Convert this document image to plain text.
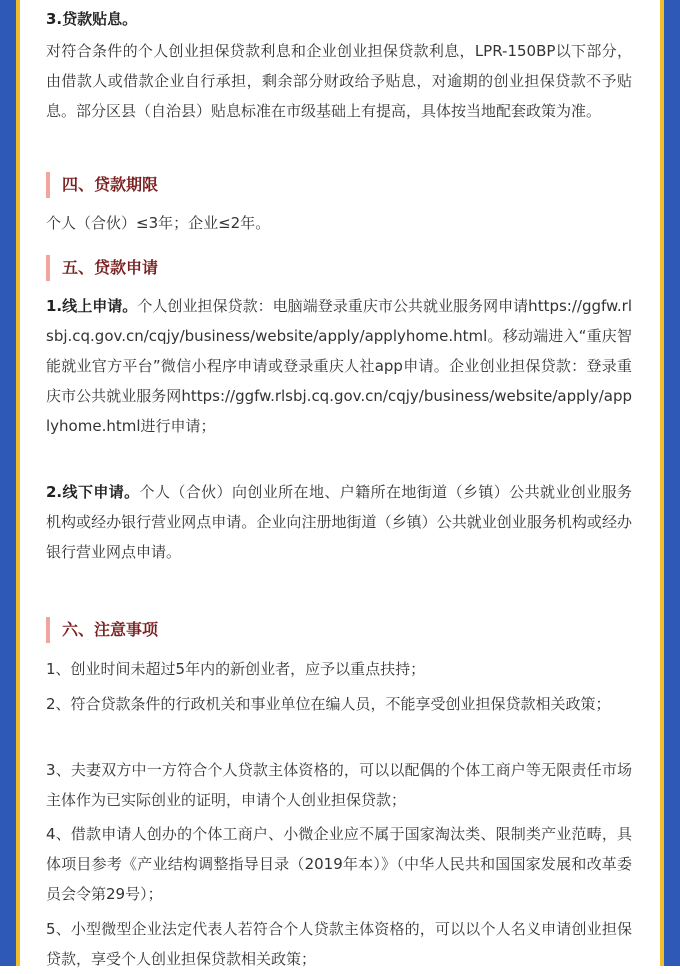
3.贷款贴息。

对符合条件的个人创业担保贷款利息和企业创业担保贷款利息，LPR-150BP以下部分，由借款人或借款企业自行承担，剩余部分财政给予贴息，对逾期的创业担保贷款不予贴息。部分区县（自治县）贴息标准在市级基础上有提高，具体按当地配套政策为准。

四、贷款期限

个人（合伙）≤3年；企业≤2年。

五、贷款申请

1.线上申请。个人创业担保贷款：电脑端登录重庆市公共就业服务网申请https://ggfw.rlsbj.cq.gov.cn/cqjy/business/website/apply/applyhome.html。移动端进入“重庆智能就业官方平台”微信小程序申请或登录重庆人社app申请。企业创业担保贷款：登录重庆市公共就业服务网https://ggfw.rlsbj.cq.gov.cn/cqjy/business/website/apply/applyhome.html进行申请；

2.线下申请。个人（合伙）向创业所在地、户籍所在地街道（乡镇）公共就业创业服务机构或经办银行营业网点申请。企业向注册地街道（乡镇）公共就业创业服务机构或经办银行营业网点申请。

六、注意事项

1、创业时间未超过5年内的新创业者，应予以重点扶持；

2、符合贷款条件的行政机关和事业单位在编人员，不能享受创业担保贷款相关政策；

3、夫妻双方中一方符合个人贷款主体资格的，可以以配偶的个体工商户等无限责任市场主体作为已实际创业的证明，申请个人创业担保贷款；

4、借款申请人创办的个体工商户、小微企业应不属于国家淘汰类、限制类产业范畴，具体项目参考《产业结构调整指导目录（2019年本）》（中华人民共和国国家发展和改革委员会令第29号）；

5、小型微型企业法定代表人若符合个人贷款主体资格的，可以以个人名义申请创业担保贷款，享受个人创业担保贷款相关政策；
